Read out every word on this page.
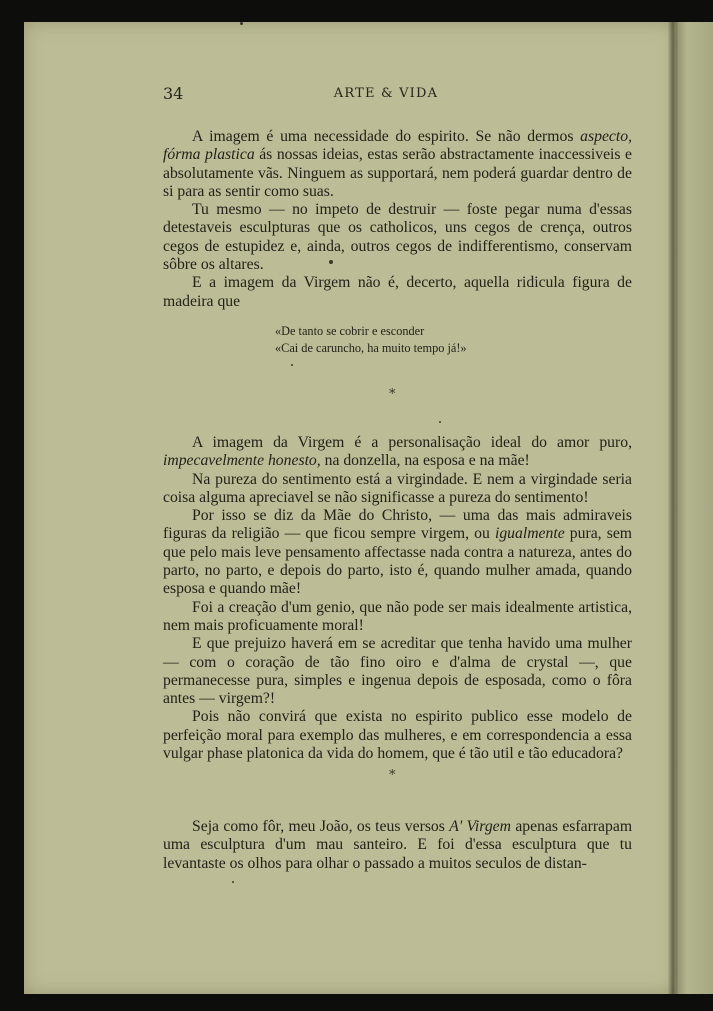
34	ARTE & VIDA

A imagem é uma necessidade do espirito. Se não dermos aspecto, fórma plastica ás nossas ideias, estas serão abstractamente inaccessiveis e absolutamente vãs. Ninguem as supportará, nem poderá guardar dentro de si para as sentir como suas.

Tu mesmo — no impeto de destruir — foste pegar numa d'essas detestaveis esculpturas que os catholicos, uns cegos de crença, outros cegos de estupidez e, ainda, outros cegos de indifferentismo, conservam sôbre os altares.

E a imagem da Virgem não é, decerto, aquella ridicula figura de madeira que

«De tanto se cobrir e esconder
«Cai de caruncho, ha muito tempo já!»
*

A imagem da Virgem é a personalisação ideal do amor puro, impecavelmente honesto, na donzella, na esposa e na mãe!

Na pureza do sentimento está a virgindade. E nem a virgindade seria coisa alguma apreciavel se não significasse a pureza do sentimento!

Por isso se diz da Mãe do Christo, — uma das mais admiraveis figuras da religião — que ficou sempre virgem, ou igualmente pura, sem que pelo mais leve pensamento affectasse nada contra a natureza, antes do parto, no parto, e depois do parto, isto é, quando mulher amada, quando esposa e quando mãe!

Foi a creação d'um genio, que não pode ser mais idealmente artistica, nem mais proficuamente moral!

E que prejuizo haverá em se acreditar que tenha havido uma mulher — com o coração de tão fino oiro e d'alma de crystal —, que permanecesse pura, simples e ingenua depois de esposada, como o fôra antes — virgem?!

Pois não convirá que exista no espirito publico esse modelo de perfeição moral para exemplo das mulheres, e em correspondencia a essa vulgar phase platonica da vida do homem, que é tão util e tão educadora?

*

Seja como fôr, meu João, os teus versos A' Virgem apenas esfarrapam uma esculptura d'um mau santeiro. E foi d'essa esculptura que tu levantaste os olhos para olhar o passado a muitos seculos de distan-
